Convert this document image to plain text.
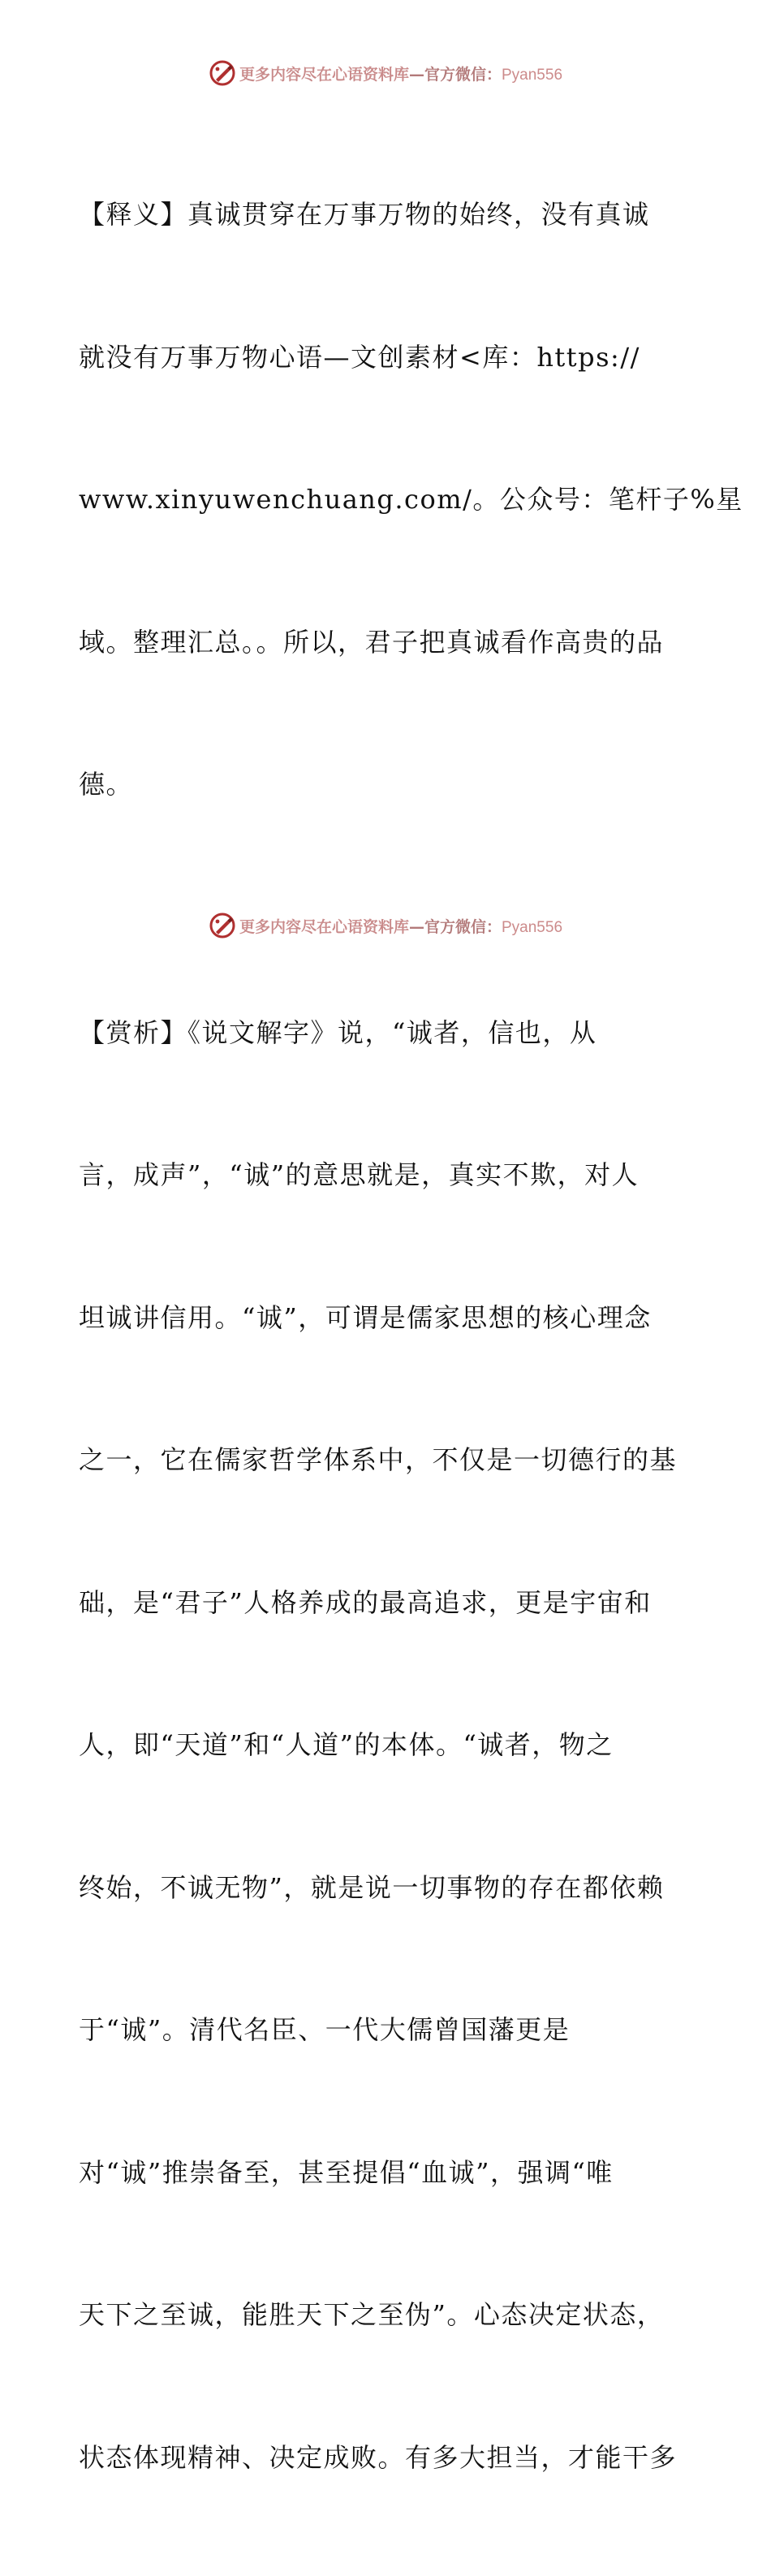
更多内容尽在心语资料库—官方微信：Pyan556

【释义】真诚贯穿在万事万物的始终，没有真诚

就没有万事万物心语—文创素材<库：https://

www.xinyuwenchuang.com/。公众号：笔杆子%星

域。整理汇总。。所以，君子把真诚看作高贵的品

德。

【赏析】《说文解字》说，“诚者，信也，从

言，成声”，“诚”的意思就是，真实不欺，对人

坦诚讲信用。“诚”，可谓是儒家思想的核心理念

之一，它在儒家哲学体系中，不仅是一切德行的基

础，是“君子”人格养成的最高追求，更是宇宙和

人，即“天道”和“人道”的本体。“诚者，物之

终始，不诚无物”，就是说一切事物的存在都依赖

于“诚”。清代名臣、一代大儒曾国藩更是

对“诚”推崇备至，甚至提倡“血诚”，强调“唯

天下之至诚，能胜天下之至伪”。心态决定状态，

状态体现精神、决定成败。有多大担当，才能干多

更多内容尽在心语资料库—官方微信：Pyan556
